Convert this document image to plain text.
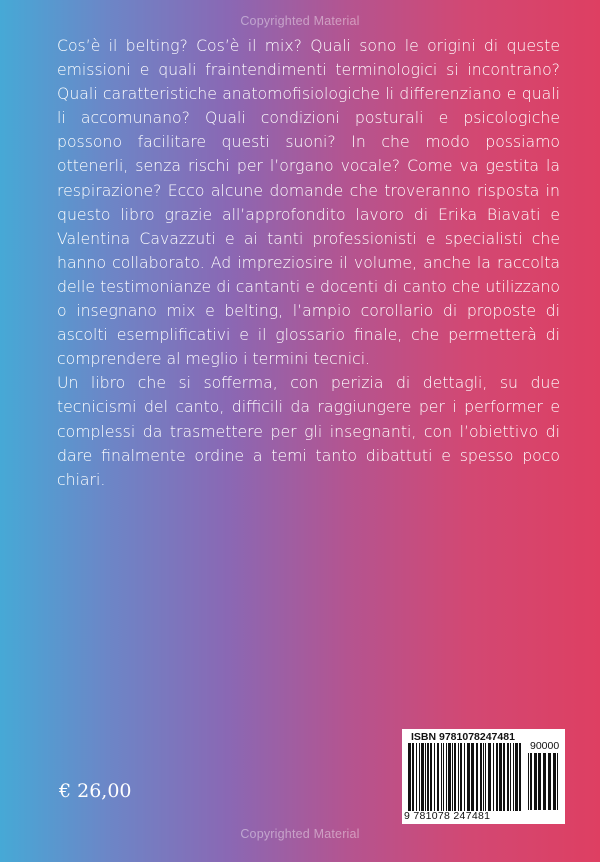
Copyrighted Material

Cos’è il belting? Cos’è il mix? Quali sono le origini di queste emissioni e quali fraintendimenti terminologici si incontrano? Quali caratteristiche anatomofisiologiche li differenziano e quali li accomunano? Quali condizioni posturali e psicologiche possono facilitare questi suoni? In che modo possiamo ottenerli, senza rischi per l’organo vocale? Come va gestita la respirazione? Ecco alcune domande che troveranno risposta in questo libro grazie all’approfondito lavoro di Erika Biavati e Valentina Cavazzuti e ai tanti professionisti e specialisti che hanno collaborato. Ad impreziosire il volume, anche la raccolta delle testimonianze di cantanti e docenti di canto che utilizzano o insegnano mix e belting, l’ampio corollario di proposte di ascolti esemplificativi e il glossario finale, che permetterà di comprendere al meglio i termini tecnici.

Un libro che si sofferma, con perizia di dettagli, su due tecnicismi del canto, difficili da raggiungere per i performer e complessi da trasmettere per gli insegnanti, con l’obiettivo di dare finalmente ordine a temi tanto dibattuti e spesso poco chiari.

€ 26,00
ISBN 9781078247481
9 781078 247481
90000
Copyrighted Material
